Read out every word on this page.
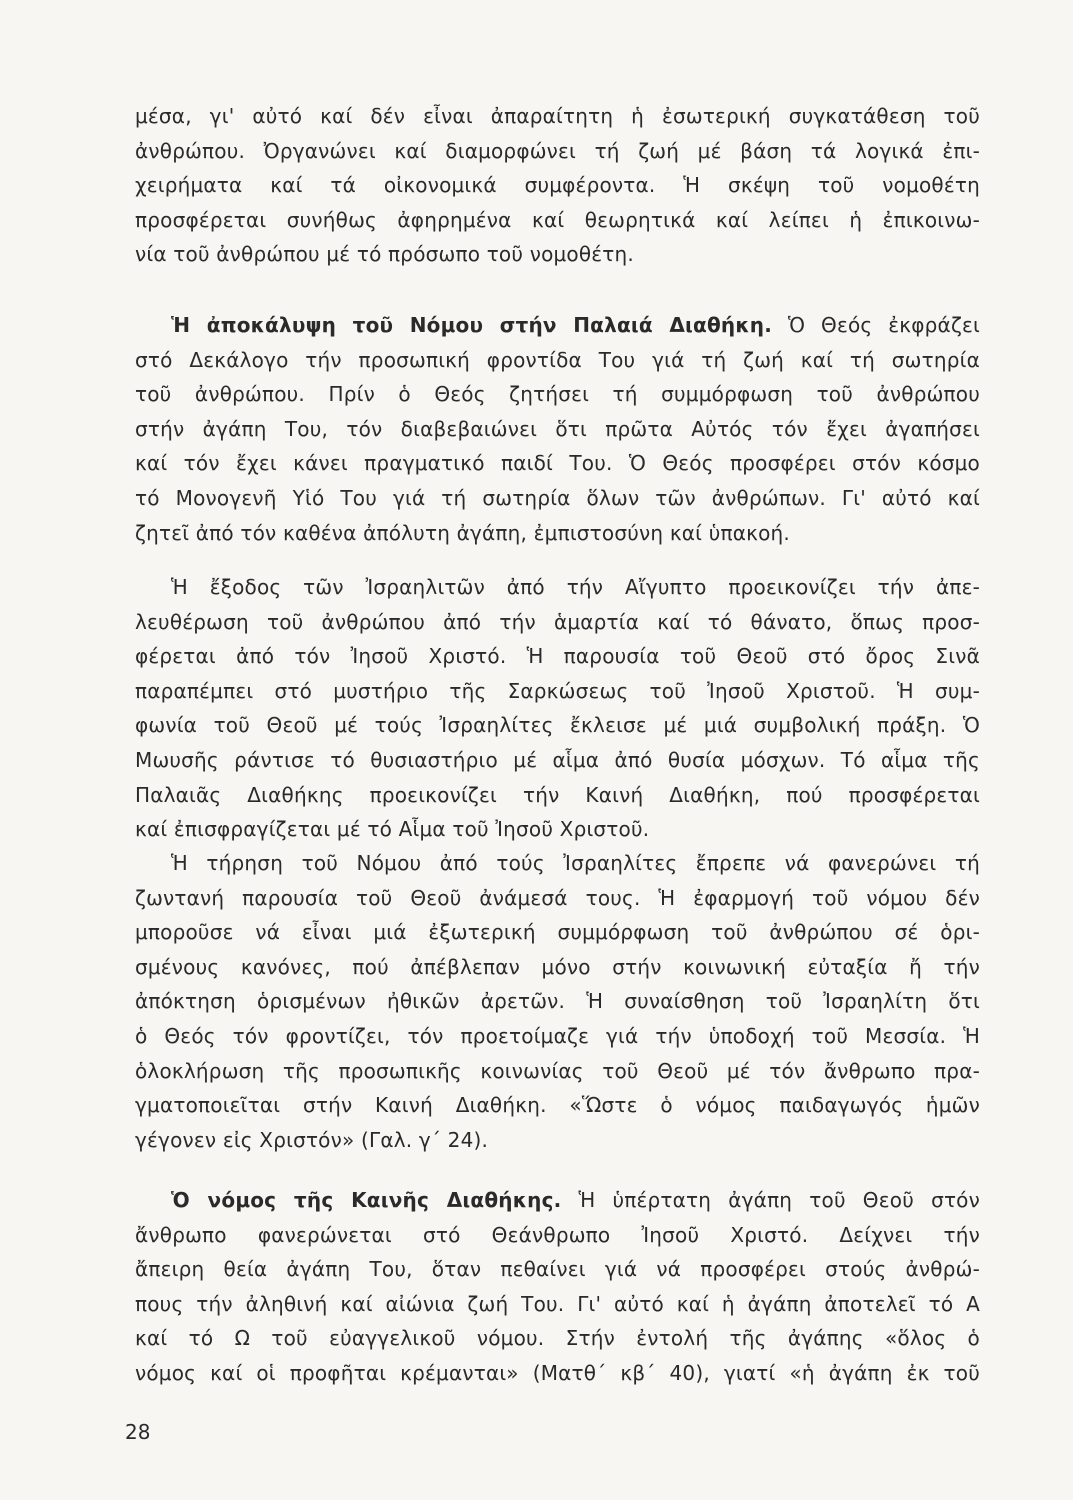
μέσα, γι' αὐτό καί δέν εἶναι ἀπαραίτητη ἡ ἐσωτερική συγκατάθεση τοῦ
ἀνθρώπου. Ὀργανώνει καί διαμορφώνει τή ζωή μέ βάση τά λογικά ἐπι-
χειρήματα καί τά οἰκονομικά συμφέροντα. Ἡ σκέψη τοῦ νομοθέτη
προσφέρεται συνήθως ἀφηρημένα καί θεωρητικά καί λείπει ἡ ἐπικοινω-
νία τοῦ ἀνθρώπου μέ τό πρόσωπο τοῦ νομοθέτη.
Ἡ ἀποκάλυψη τοῦ Νόμου στήν Παλαιά Διαθήκη. Ὁ Θεός ἐκφράζει
στό Δεκάλογο τήν προσωπική φροντίδα Του γιά τή ζωή καί τή σωτηρία
τοῦ ἀνθρώπου. Πρίν ὁ Θεός ζητήσει τή συμμόρφωση τοῦ ἀνθρώπου
στήν ἀγάπη Του, τόν διαβεβαιώνει ὅτι πρῶτα Αὐτός τόν ἔχει ἀγαπήσει
καί τόν ἔχει κάνει πραγματικό παιδί Του. Ὁ Θεός προσφέρει στόν κόσμο
τό Μονογενῆ Υἱό Του γιά τή σωτηρία ὅλων τῶν ἀνθρώπων. Γι' αὐτό καί
ζητεῖ ἀπό τόν καθένα ἀπόλυτη ἀγάπη, ἐμπιστοσύνη καί ὑπακοή.
Ἡ ἔξοδος τῶν Ἰσραηλιτῶν ἀπό τήν Αἴγυπτο προεικονίζει τήν ἀπε-
λευθέρωση τοῦ ἀνθρώπου ἀπό τήν ἁμαρτία καί τό θάνατο, ὅπως προσ-
φέρεται ἀπό τόν Ἰησοῦ Χριστό. Ἡ παρουσία τοῦ Θεοῦ στό ὄρος Σινᾶ
παραπέμπει στό μυστήριο τῆς Σαρκώσεως τοῦ Ἰησοῦ Χριστοῦ. Ἡ συμ-
φωνία τοῦ Θεοῦ μέ τούς Ἰσραηλίτες ἔκλεισε μέ μιά συμβολική πράξη. Ὁ
Μωυσῆς ράντισε τό θυσιαστήριο μέ αἷμα ἀπό θυσία μόσχων. Τό αἷμα τῆς
Παλαιᾶς Διαθήκης προεικονίζει τήν Καινή Διαθήκη, πού προσφέρεται
καί ἐπισφραγίζεται μέ τό Αἷμα τοῦ Ἰησοῦ Χριστοῦ.
Ἡ τήρηση τοῦ Νόμου ἀπό τούς Ἰσραηλίτες ἔπρεπε νά φανερώνει τή
ζωντανή παρουσία τοῦ Θεοῦ ἀνάμεσά τους. Ἡ ἐφαρμογή τοῦ νόμου δέν
μποροῦσε νά εἶναι μιά ἐξωτερική συμμόρφωση τοῦ ἀνθρώπου σέ ὁρι-
σμένους κανόνες, πού ἀπέβλεπαν μόνο στήν κοινωνική εὐταξία ἤ τήν
ἀπόκτηση ὁρισμένων ἠθικῶν ἀρετῶν. Ἡ συναίσθηση τοῦ Ἰσραηλίτη ὅτι
ὁ Θεός τόν φροντίζει, τόν προετοίμαζε γιά τήν ὑποδοχή τοῦ Μεσσία. Ἡ
ὁλοκλήρωση τῆς προσωπικῆς κοινωνίας τοῦ Θεοῦ μέ τόν ἄνθρωπο πρα-
γματοποιεῖται στήν Καινή Διαθήκη. «Ὥστε ὁ νόμος παιδαγωγός ἡμῶν
γέγονεν εἰς Χριστόν» (Γαλ. γ΄ 24).
Ὁ νόμος τῆς Καινῆς Διαθήκης. Ἡ ὑπέρτατη ἀγάπη τοῦ Θεοῦ στόν
ἄνθρωπο φανερώνεται στό Θεάνθρωπο Ἰησοῦ Χριστό. Δείχνει τήν
ἄπειρη θεία ἀγάπη Του, ὅταν πεθαίνει γιά νά προσφέρει στούς ἀνθρώ-
πους τήν ἀληθινή καί αἰώνια ζωή Του. Γι' αὐτό καί ἡ ἀγάπη ἀποτελεῖ τό Α
καί τό Ω τοῦ εὐαγγελικοῦ νόμου. Στήν ἐντολή τῆς ἀγάπης «ὅλος ὁ
νόμος καί οἱ προφῆται κρέμανται» (Ματθ΄ κβ΄ 40), γιατί «ἡ ἀγάπη ἐκ τοῦ
28
